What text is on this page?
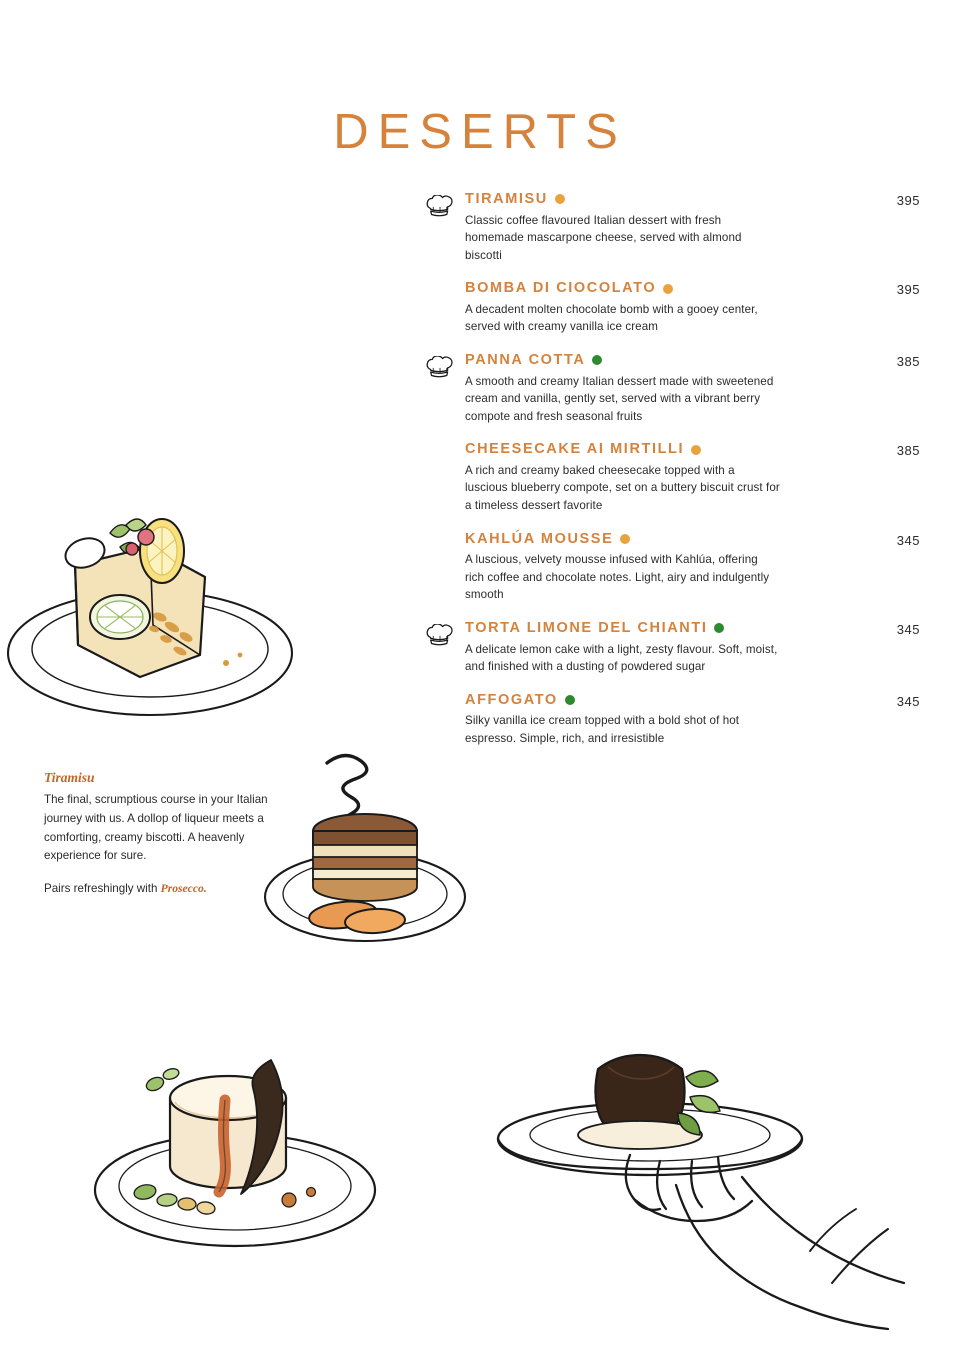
DESERTS
TIRAMISU
Classic coffee flavoured Italian dessert with fresh homemade mascarpone cheese, served with almond biscotti
395
BOMBA DI CIOCOLATO
A decadent molten chocolate bomb with a gooey center, served with creamy vanilla ice cream
395
PANNA COTTA
A smooth and creamy Italian dessert made with sweetened cream and vanilla, gently set, served with a vibrant berry compote and fresh seasonal fruits
385
CHEESECAKE AI MIRTILLI
A rich and creamy baked cheesecake topped with a luscious blueberry compote, set on a buttery biscuit crust for a timeless dessert favorite
385
KAHLÚA MOUSSE
A luscious, velvety mousse infused with Kahlúa, offering rich coffee and chocolate notes. Light, airy and indulgently smooth
345
TORTA LIMONE DEL CHIANTI
A delicate lemon cake with a light, zesty flavour. Soft, moist, and finished with a dusting of powdered sugar
345
AFFOGATO
Silky vanilla ice cream topped with a bold shot of hot espresso. Simple, rich, and irresistible
345
Tiramisu
The final, scrumptious course in your Italian journey with us. A dollop of liqueur meets a comforting, creamy biscotti. A heavenly experience for sure.
Pairs refreshingly with Prosecco.
